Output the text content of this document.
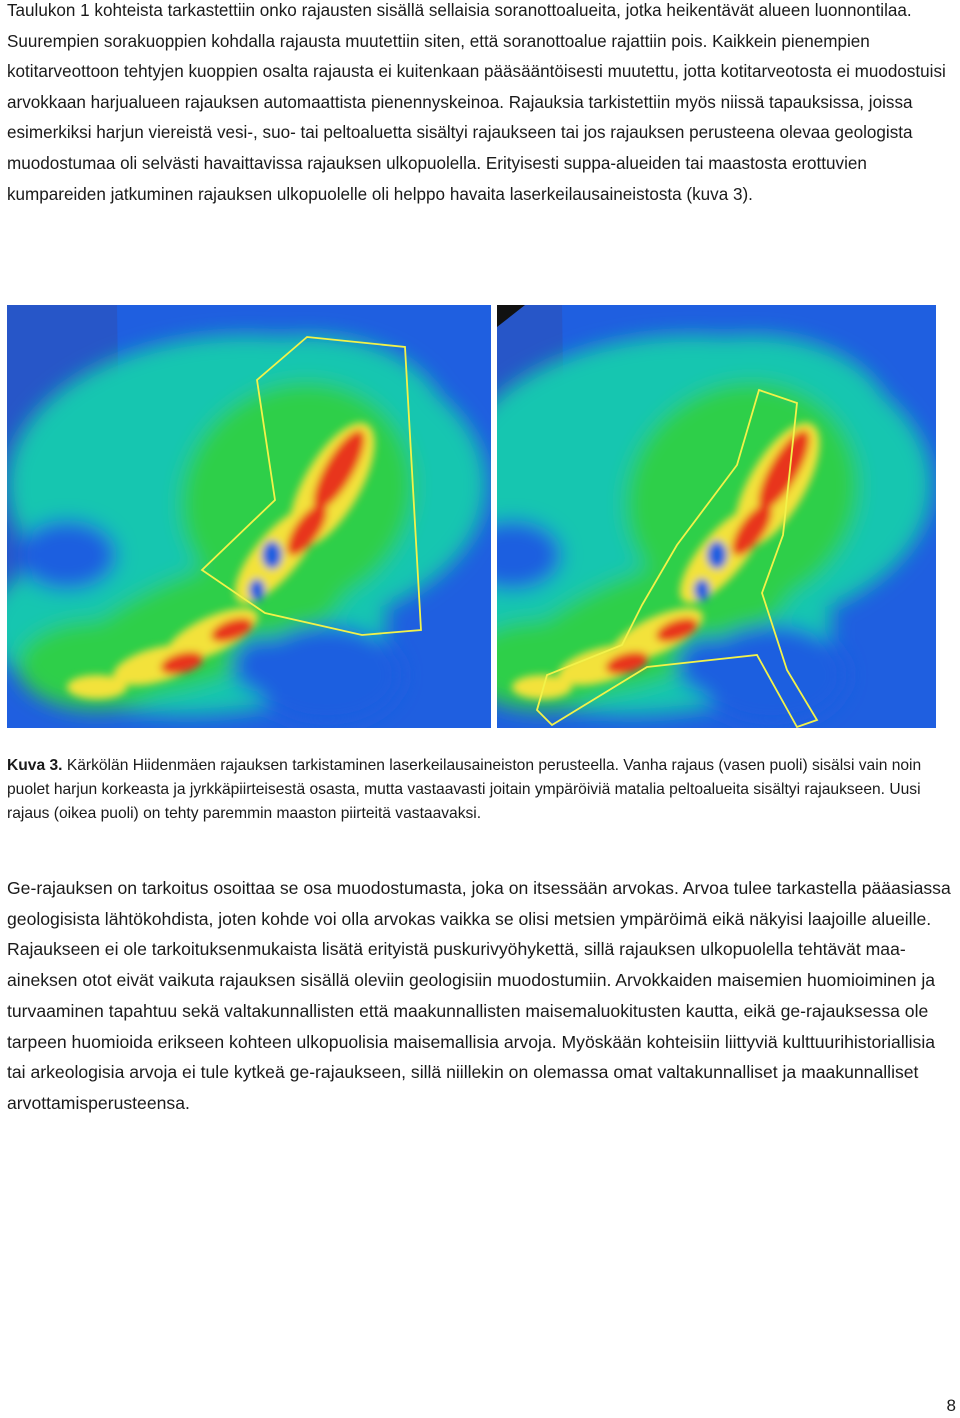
Taulukon 1 kohteista tarkastettiin onko rajausten sisällä sellaisia soranottoalueita, jotka heikentävät alueen luonnontilaa. Suurempien sorakuoppien kohdalla rajausta muutettiin siten, että soranottoalue rajattiin pois. Kaikkein pienempien kotitarveottoon tehtyjen kuoppien osalta rajausta ei kuitenkaan pääsääntöisesti muutettu, jotta kotitarveotosta ei muodostuisi arvokkaan harjualueen rajauksen automaattista pienennyskeinoa. Rajauksia tarkistettiin myös niissä tapauksissa, joissa esimerkiksi harjun viereistä vesi-, suo- tai peltoaluetta sisältyi rajaukseen tai jos rajauksen perusteena olevaa geologista muodostumaa oli selvästi havaittavissa rajauksen ulkopuolella. Erityisesti suppa-alueiden tai maastosta erottuvien kumpareiden jatkuminen rajauksen ulkopuolelle oli helppo havaita laserkeilausaineistosta (kuva 3).

Kuva 3. Kärkölän Hiidenmäen rajauksen tarkistaminen laserkeilausaineiston perusteella. Vanha rajaus (vasen puoli) sisälsi vain noin puolet harjun korkeasta ja jyrkkäpiirteisestä osasta, mutta vastaavasti joitain ympäröiviä matalia peltoalueita sisältyi rajaukseen. Uusi rajaus (oikea puoli) on tehty paremmin maaston piirteitä vastaavaksi.

Ge-rajauksen on tarkoitus osoittaa se osa muodostumasta, joka on itsessään arvokas. Arvoa tulee tarkastella pääasiassa geologisista lähtökohdista, joten kohde voi olla arvokas vaikka se olisi metsien ympäröimä eikä näkyisi laajoille alueille. Rajaukseen ei ole tarkoituksenmukaista lisätä erityistä puskurivyöhykettä, sillä rajauksen ulkopuolella tehtävät maa-aineksen otot eivät vaikuta rajauksen sisällä oleviin geologisiin muodostumiin. Arvokkaiden maisemien huomioiminen ja turvaaminen tapahtuu sekä valtakunnallisten että maakunnallisten maisemaluokitusten kautta, eikä ge-rajauksessa ole tarpeen huomioida erikseen kohteen ulkopuolisia maisemallisia arvoja. Myöskään kohteisiin liittyviä kulttuurihistoriallisia tai arkeologisia arvoja ei tule kytkeä ge-rajaukseen, sillä niillekin on olemassa omat valtakunnalliset ja maakunnalliset arvottamisperusteensa.

8
